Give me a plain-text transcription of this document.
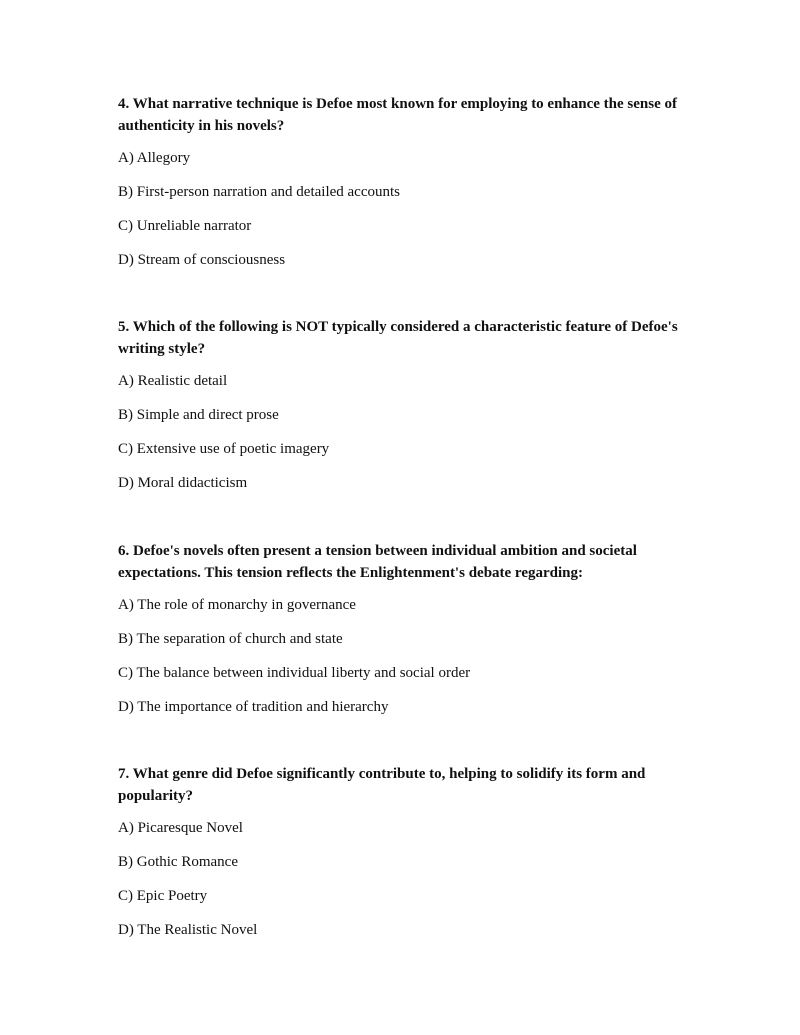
4. What narrative technique is Defoe most known for employing to enhance the sense of authenticity in his novels?

A) Allegory

B) First-person narration and detailed accounts

C) Unreliable narrator

D) Stream of consciousness

5. Which of the following is NOT typically considered a characteristic feature of Defoe's writing style?

A) Realistic detail

B) Simple and direct prose

C) Extensive use of poetic imagery

D) Moral didacticism

6. Defoe's novels often present a tension between individual ambition and societal expectations. This tension reflects the Enlightenment's debate regarding:

A) The role of monarchy in governance

B) The separation of church and state

C) The balance between individual liberty and social order

D) The importance of tradition and hierarchy

7. What genre did Defoe significantly contribute to, helping to solidify its form and popularity?

A) Picaresque Novel

B) Gothic Romance

C) Epic Poetry

D) The Realistic Novel
